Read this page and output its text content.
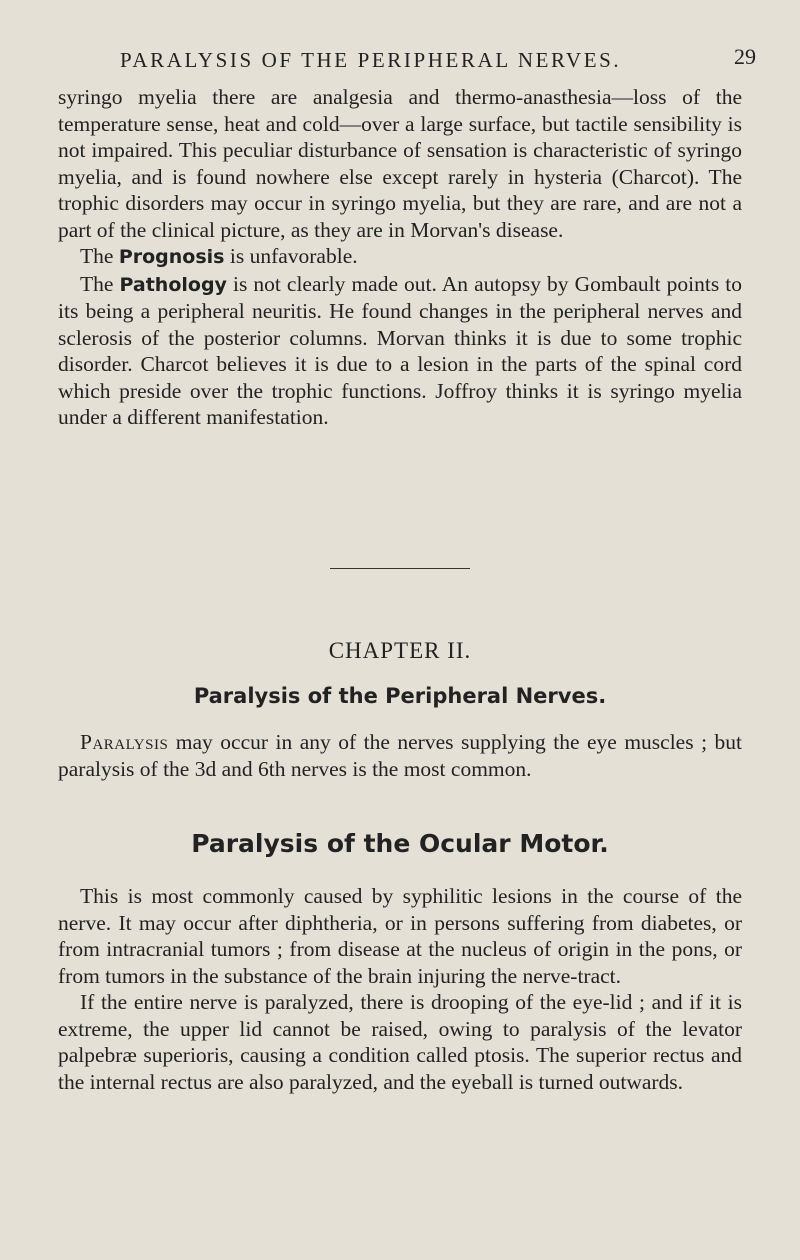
PARALYSIS OF THE PERIPHERAL NERVES.	29

syringo myelia there are analgesia and thermo-anasthesia—loss of the temperature sense, heat and cold—over a large surface, but tactile sensibility is not impaired. This peculiar disturbance of sensation is characteristic of syringo myelia, and is found nowhere else except rarely in hysteria (Charcot). The trophic disorders may occur in syringo myelia, but they are rare, and are not a part of the clinical picture, as they are in Morvan's disease.

The Prognosis is unfavorable.

The Pathology is not clearly made out. An autopsy by Gombault points to its being a peripheral neuritis. He found changes in the peripheral nerves and sclerosis of the posterior columns. Morvan thinks it is due to some trophic disorder. Charcot believes it is due to a lesion in the parts of the spinal cord which preside over the trophic functions. Joffroy thinks it is syringo myelia under a different manifestation.

CHAPTER II.
Paralysis of the Peripheral Nerves.

Paralysis may occur in any of the nerves supplying the eye muscles ; but paralysis of the 3d and 6th nerves is the most common.

Paralysis of the Ocular Motor.

This is most commonly caused by syphilitic lesions in the course of the nerve. It may occur after diphtheria, or in persons suffering from diabetes, or from intracranial tumors ; from disease at the nucleus of origin in the pons, or from tumors in the substance of the brain injuring the nerve-tract.

If the entire nerve is paralyzed, there is drooping of the eye-lid ; and if it is extreme, the upper lid cannot be raised, owing to paralysis of the levator palpebræ superioris, causing a condition called ptosis. The superior rectus and the internal rectus are also paralyzed, and the eyeball is turned outwards.
